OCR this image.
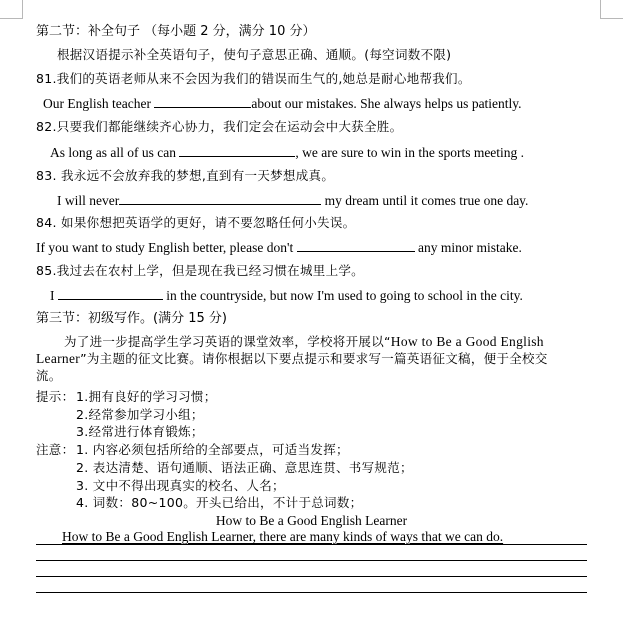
第二节：补全句子 （每小题 2 分，满分 10 分）
根据汉语提示补全英语句子，使句子意思正确、通顺。(每空词数不限)
81.我们的英语老师从来不会因为我们的错误而生气的,她总是耐心地帮我们。
Our English teacher	about our mistakes. She always helps us patiently.
82.只要我们都能继续齐心协力，我们定会在运动会中大获全胜。
As long as all of us can	, we are sure to win in the sports meeting .
83. 我永远不会放弃我的梦想,直到有一天梦想成真。
I will never	my dream until it comes true one day.
84. 如果你想把英语学的更好，请不要忽略任何小失误。
If you want to study English better, please don't	any minor mistake.
85.我过去在农村上学，但是现在我已经习惯在城里上学。
I	in the countryside, but now I'm used to going to school in the city.
第三节：初级写作。(满分 15 分)
为了进一步提高学生学习英语的课堂效率，学校将开展以“How to Be a Good English
Learner”为主题的征文比赛。请你根据以下要点提示和要求写一篇英语征文稿，便于全校交
流。
提示： 1.拥有良好的学习习惯；
2.经常参加学习小组；
3.经常进行体育锻炼；
注意： 1. 内容必须包括所给的全部要点，可适当发挥；
2. 表达清楚、语句通顺、语法正确、意思连贯、书写规范；
3. 文中不得出现真实的校名、人名；
4. 词数：80~100。开头已给出，不计于总词数；
How to Be a Good English Learner
How to Be a Good English Learner, there are many kinds of ways that we can do.
